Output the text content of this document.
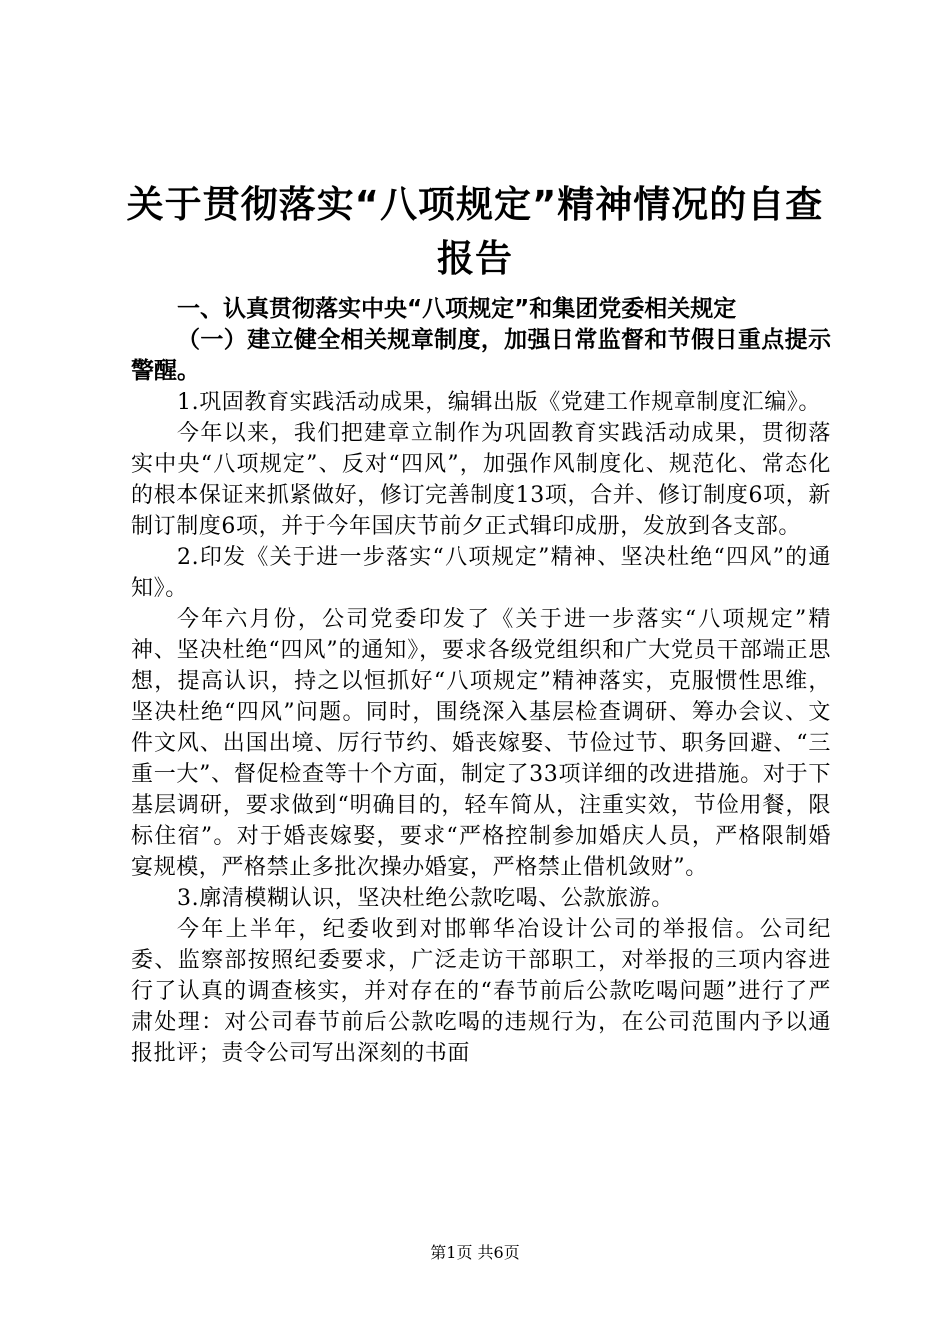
关于贯彻落实“八项规定”精神情况的自查报告

一、认真贯彻落实中央“八项规定”和集团党委相关规定

（一）建立健全相关规章制度，加强日常监督和节假日重点提示警醒。

1.巩固教育实践活动成果，编辑出版《党建工作规章制度汇编》。

今年以来，我们把建章立制作为巩固教育实践活动成果，贯彻落实中央“八项规定”、反对“四风”，加强作风制度化、规范化、常态化的根本保证来抓紧做好，修订完善制度13项，合并、修订制度6项，新制订制度6项，并于今年国庆节前夕正式辑印成册，发放到各支部。

2.印发《关于进一步落实“八项规定”精神、坚决杜绝“四风”的通知》。

今年六月份，公司党委印发了《关于进一步落实“八项规定”精神、坚决杜绝“四风”的通知》，要求各级党组织和广大党员干部端正思想，提高认识，持之以恒抓好“八项规定”精神落实，克服惯性思维，坚决杜绝“四风”问题。同时，围绕深入基层检查调研、筹办会议、文件文风、出国出境、厉行节约、婚丧嫁娶、节俭过节、职务回避、“三重一大”、督促检查等十个方面，制定了33项详细的改进措施。对于下基层调研，要求做到“明确目的，轻车简从，注重实效，节俭用餐，限标住宿”。对于婚丧嫁娶，要求“严格控制参加婚庆人员，严格限制婚宴规模，严格禁止多批次操办婚宴，严格禁止借机敛财”。

3.廓清模糊认识，坚决杜绝公款吃喝、公款旅游。

今年上半年，纪委收到对邯郸华冶设计公司的举报信。公司纪委、监察部按照纪委要求，广泛走访干部职工，对举报的三项内容进行了认真的调查核实，并对存在的“春节前后公款吃喝问题”进行了严肃处理：对公司春节前后公款吃喝的违规行为，在公司范围内予以通报批评；责令公司写出深刻的书面

第1页 共6页
